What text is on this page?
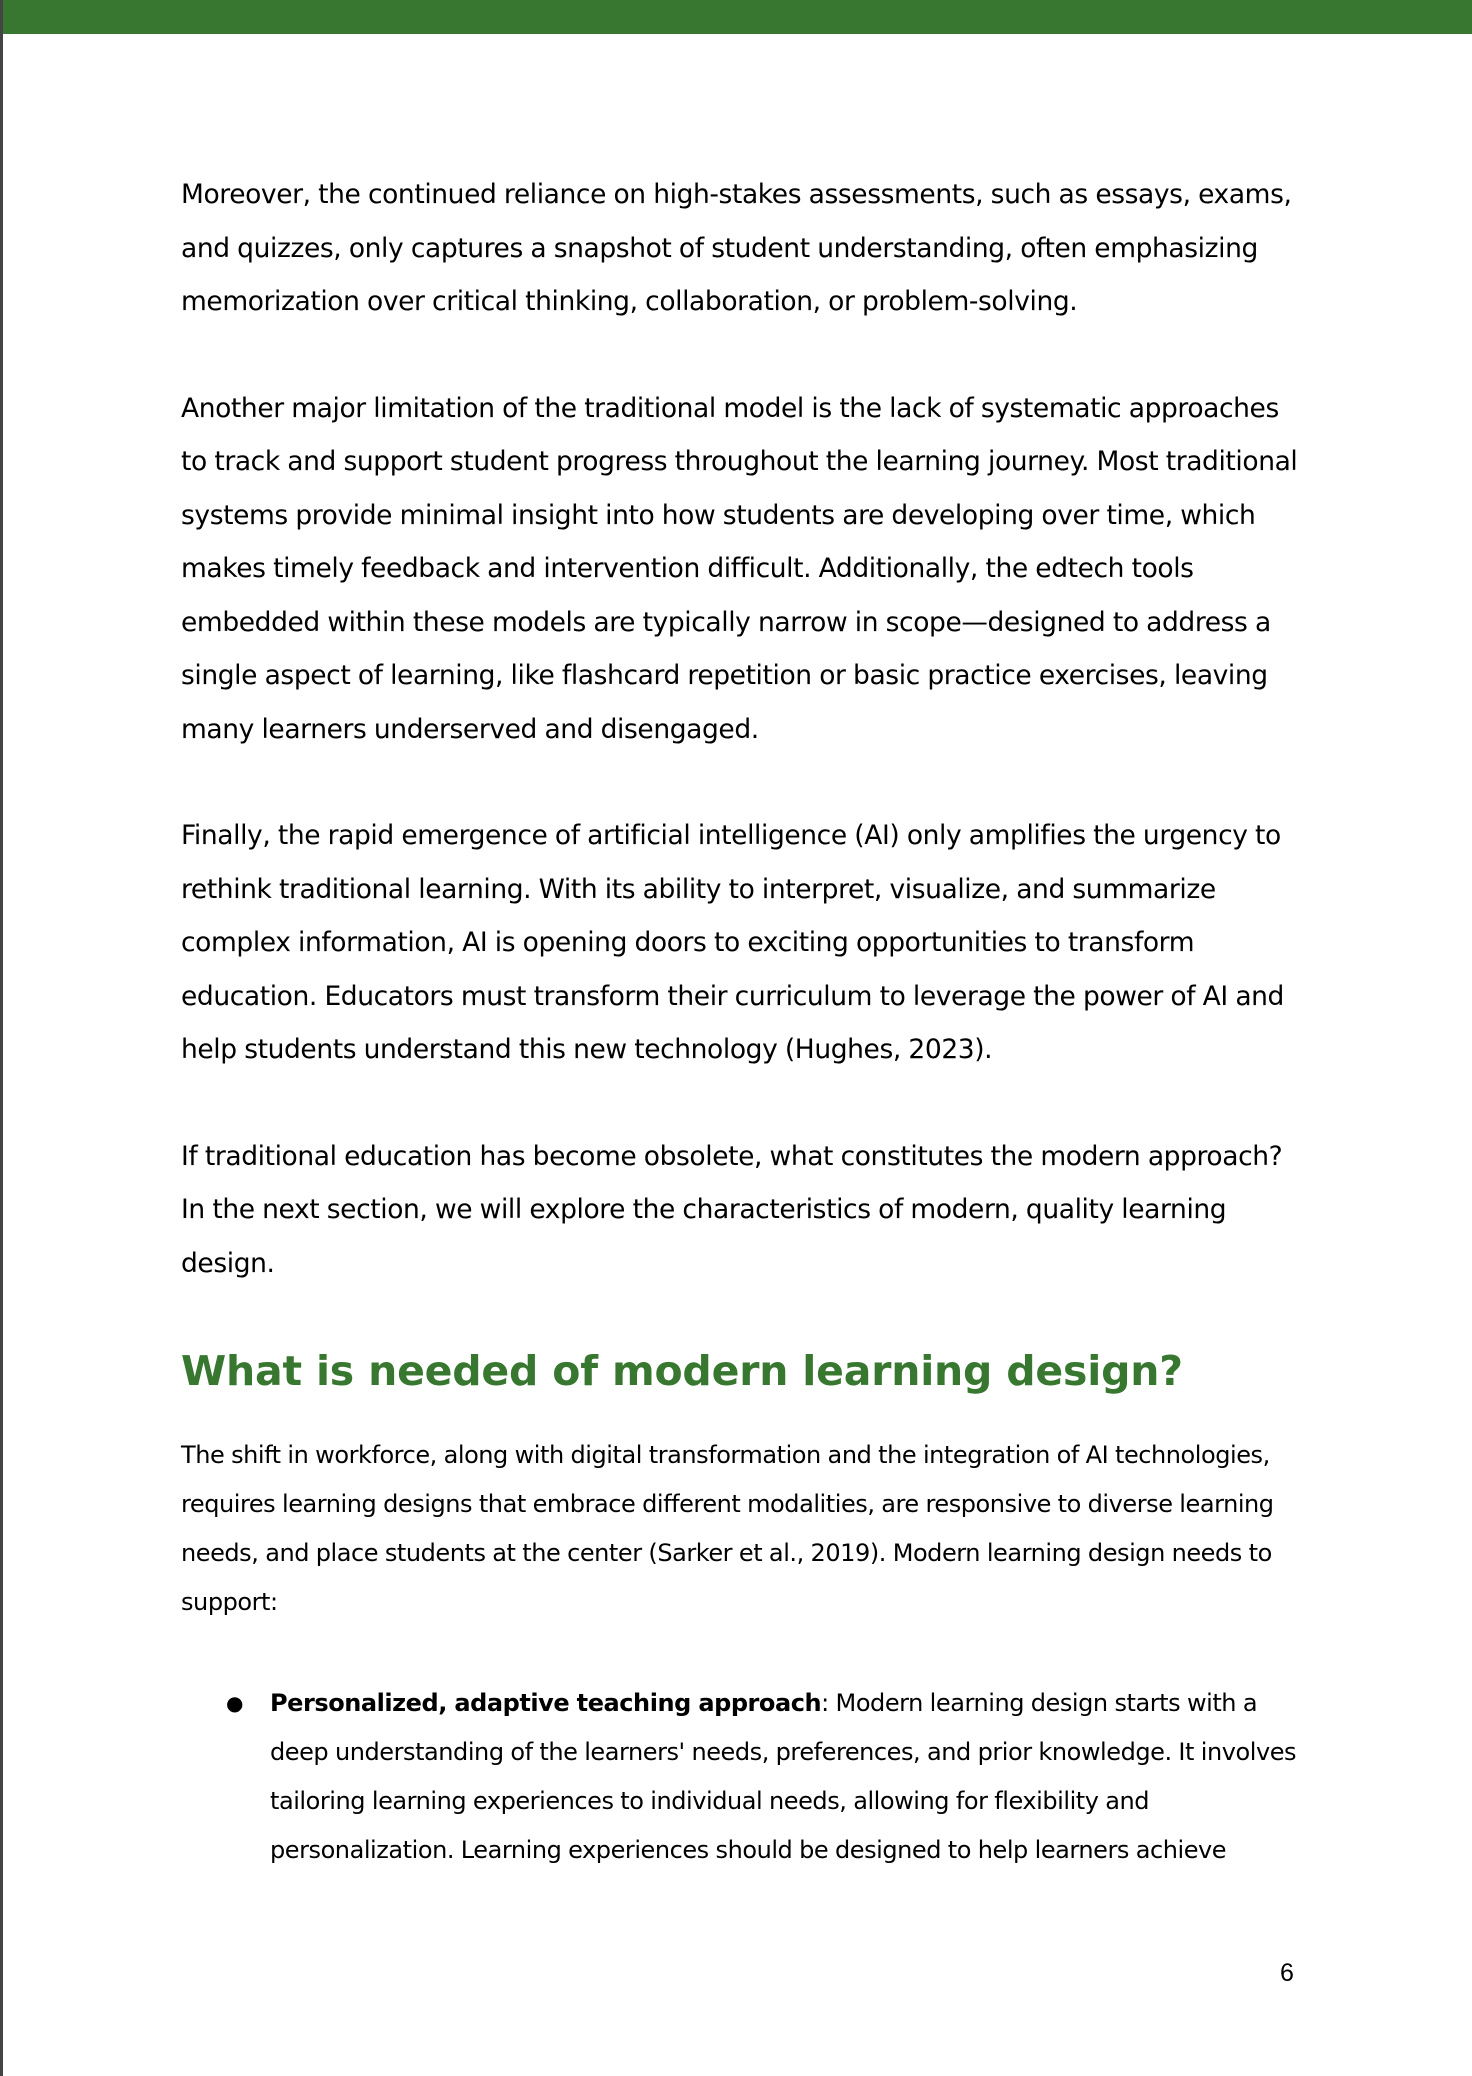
Moreover, the continued reliance on high-stakes assessments, such as essays, exams, and quizzes, only captures a snapshot of student understanding, often emphasizing memorization over critical thinking, collaboration, or problem-solving.

Another major limitation of the traditional model is the lack of systematic approaches to track and support student progress throughout the learning journey. Most traditional systems provide minimal insight into how students are developing over time, which makes timely feedback and intervention difficult. Additionally, the edtech tools embedded within these models are typically narrow in scope—designed to address a single aspect of learning, like flashcard repetition or basic practice exercises, leaving many learners underserved and disengaged.

Finally, the rapid emergence of artificial intelligence (AI) only amplifies the urgency to rethink traditional learning. With its ability to interpret, visualize, and summarize complex information, AI is opening doors to exciting opportunities to transform education. Educators must transform their curriculum to leverage the power of AI and help students understand this new technology (Hughes, 2023).

If traditional education has become obsolete, what constitutes the modern approach? In the next section, we will explore the characteristics of modern, quality learning design.

What is needed of modern learning design?

The shift in workforce, along with digital transformation and the integration of AI technologies, requires learning designs that embrace different modalities, are responsive to diverse learning needs, and place students at the center (Sarker et al., 2019). Modern learning design needs to support:

● Personalized, adaptive teaching approach: Modern learning design starts with a deep understanding of the learners' needs, preferences, and prior knowledge. It involves tailoring learning experiences to individual needs, allowing for flexibility and personalization. Learning experiences should be designed to help learners achieve
6
